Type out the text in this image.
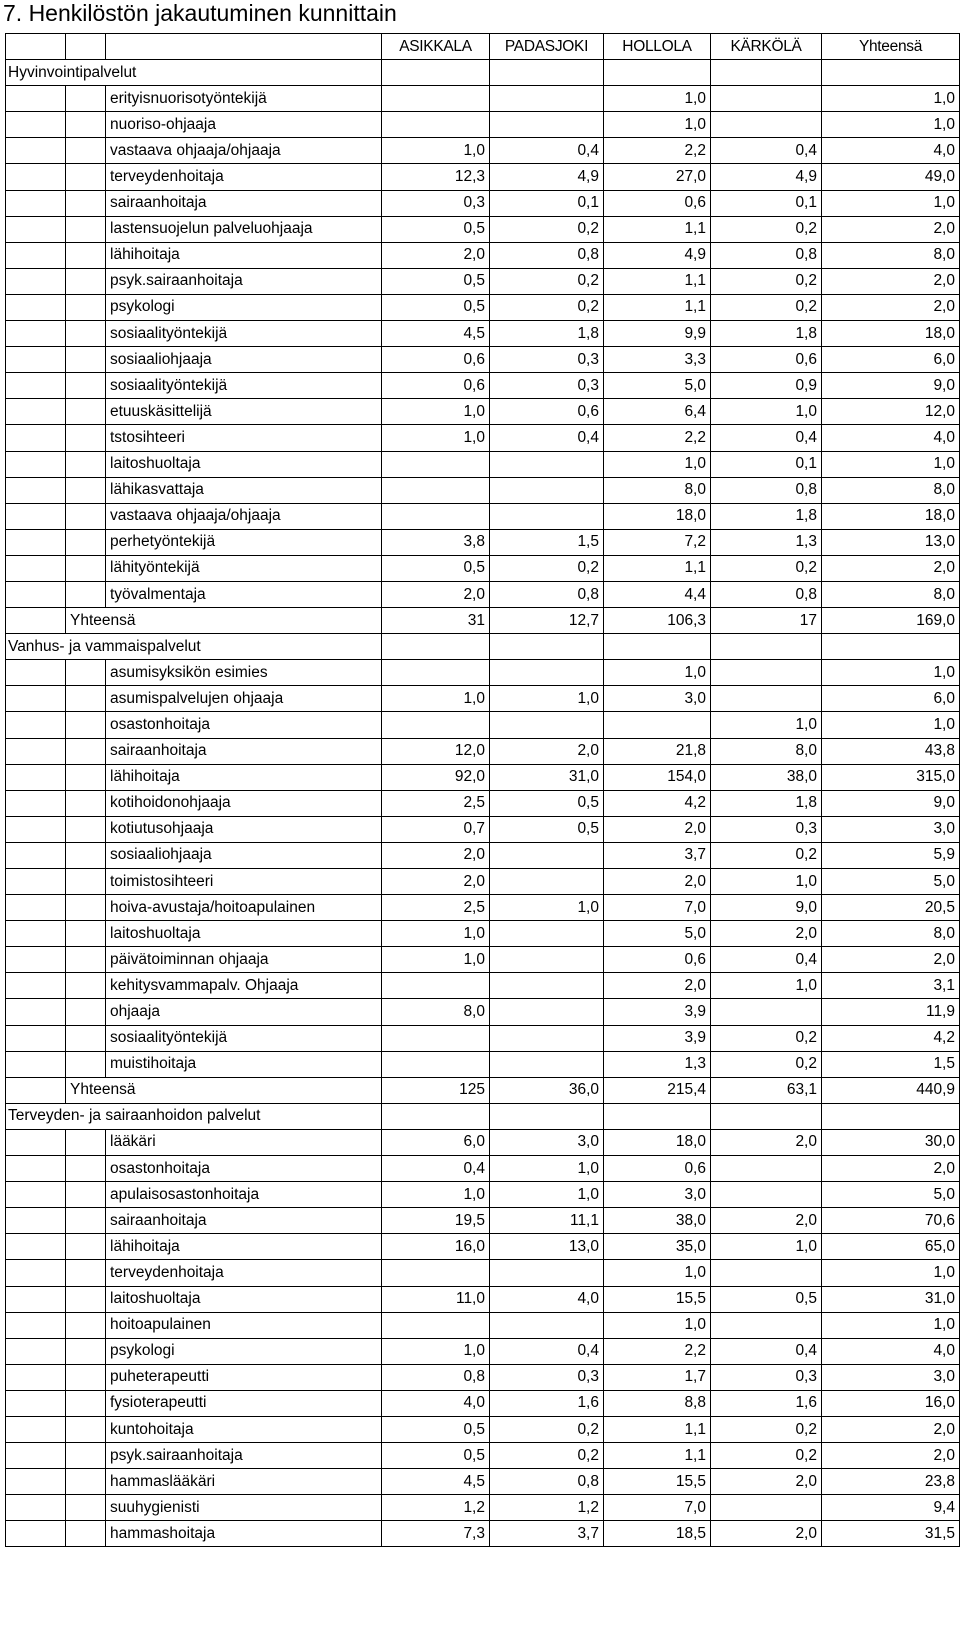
7. Henkilöstön jakautuminen kunnittain
			ASIKKALA	PADASJOKI	HOLLOLA	KÄRKÖLÄ	Yhteensä
Hyvinvointipalvelut							
		erityisnuorisotyöntekijä			1,0		1,0
		nuoriso-ohjaaja			1,0		1,0
		vastaava ohjaaja/ohjaaja	1,0	0,4	2,2	0,4	4,0
		terveydenhoitaja	12,3	4,9	27,0	4,9	49,0
		sairaanhoitaja	0,3	0,1	0,6	0,1	1,0
		lastensuojelun palveluohjaaja	0,5	0,2	1,1	0,2	2,0
		lähihoitaja	2,0	0,8	4,9	0,8	8,0
		psyk.sairaanhoitaja	0,5	0,2	1,1	0,2	2,0
		psykologi	0,5	0,2	1,1	0,2	2,0
		sosiaalityöntekijä	4,5	1,8	9,9	1,8	18,0
		sosiaaliohjaaja	0,6	0,3	3,3	0,6	6,0
		sosiaalityöntekijä	0,6	0,3	5,0	0,9	9,0
		etuuskäsittelijä	1,0	0,6	6,4	1,0	12,0
		tstosihteeri	1,0	0,4	2,2	0,4	4,0
		laitoshuoltaja			1,0	0,1	1,0
		lähikasvattaja			8,0	0,8	8,0
		vastaava ohjaaja/ohjaaja			18,0	1,8	18,0
		perhetyöntekijä	3,8	1,5	7,2	1,3	13,0
		lähityöntekijä	0,5	0,2	1,1	0,2	2,0
		työvalmentaja	2,0	0,8	4,4	0,8	8,0
	Yhteensä		31	12,7	106,3	17	169,0
Vanhus- ja vammaispalvelut							
		asumisyksikön esimies			1,0		1,0
		asumispalvelujen ohjaaja	1,0	1,0	3,0		6,0
		osastonhoitaja				1,0	1,0
		sairaanhoitaja	12,0	2,0	21,8	8,0	43,8
		lähihoitaja	92,0	31,0	154,0	38,0	315,0
		kotihoidonohjaaja	2,5	0,5	4,2	1,8	9,0
		kotiutusohjaaja	0,7	0,5	2,0	0,3	3,0
		sosiaaliohjaaja	2,0		3,7	0,2	5,9
		toimistosihteeri	2,0		2,0	1,0	5,0
		hoiva-avustaja/hoitoapulainen	2,5	1,0	7,0	9,0	20,5
		laitoshuoltaja	1,0		5,0	2,0	8,0
		päivätoiminnan ohjaaja	1,0		0,6	0,4	2,0
		kehitysvammapalv. Ohjaaja			2,0	1,0	3,1
		ohjaaja	8,0		3,9		11,9
		sosiaalityöntekijä			3,9	0,2	4,2
		muistihoitaja			1,3	0,2	1,5
	Yhteensä		125	36,0	215,4	63,1	440,9
Terveyden- ja sairaanhoidon palvelut							
		lääkäri	6,0	3,0	18,0	2,0	30,0
		osastonhoitaja	0,4	1,0	0,6		2,0
		apulaisosastonhoitaja	1,0	1,0	3,0		5,0
		sairaanhoitaja	19,5	11,1	38,0	2,0	70,6
		lähihoitaja	16,0	13,0	35,0	1,0	65,0
		terveydenhoitaja			1,0		1,0
		laitoshuoltaja	11,0	4,0	15,5	0,5	31,0
		hoitoapulainen			1,0		1,0
		psykologi	1,0	0,4	2,2	0,4	4,0
		puheterapeutti	0,8	0,3	1,7	0,3	3,0
		fysioterapeutti	4,0	1,6	8,8	1,6	16,0
		kuntohoitaja	0,5	0,2	1,1	0,2	2,0
		psyk.sairaanhoitaja	0,5	0,2	1,1	0,2	2,0
		hammaslääkäri	4,5	0,8	15,5	2,0	23,8
		suuhygienisti	1,2	1,2	7,0		9,4
		hammashoitaja	7,3	3,7	18,5	2,0	31,5
